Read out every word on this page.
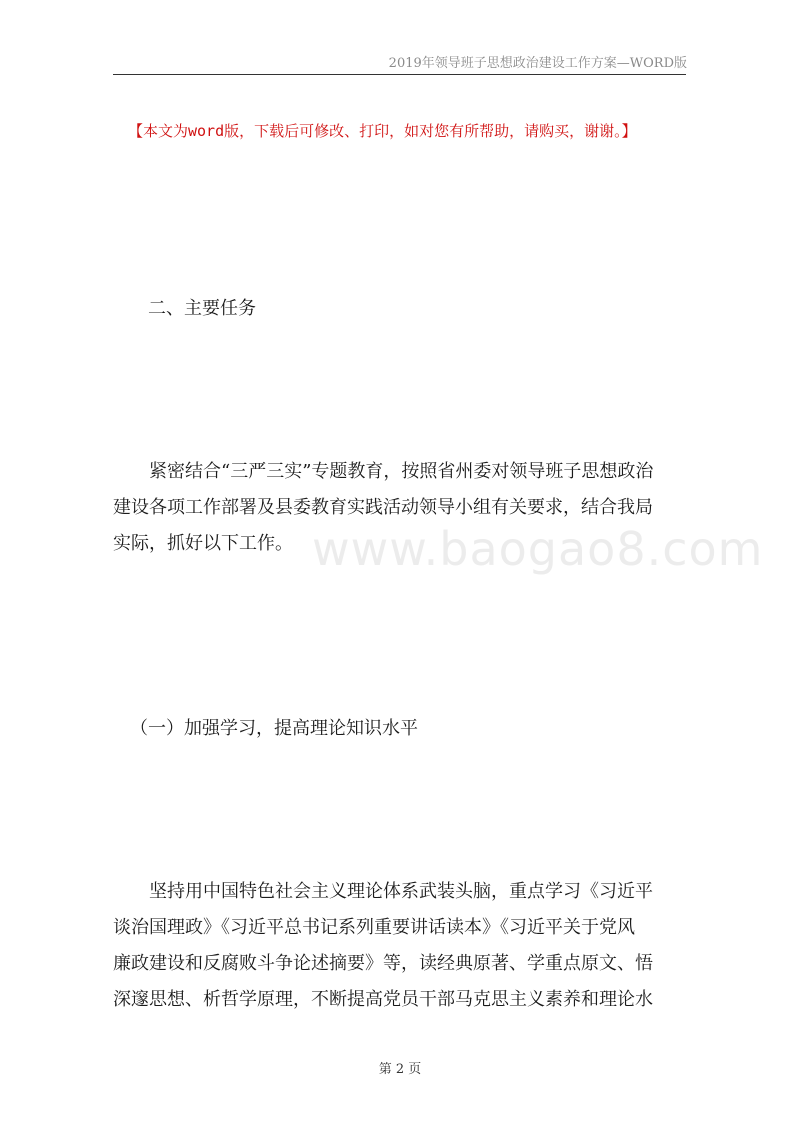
2019年领导班子思想政治建设工作方案—WORD版
【本文为word版，下载后可修改、打印，如对您有所帮助，请购买，谢谢。】
www.baogao8.com
二、主要任务
紧密结合“三严三实”专题教育，按照省州委对领导班子思想政治
建设各项工作部署及县委教育实践活动领导小组有关要求，结合我局
实际，抓好以下工作。
（一）加强学习，提高理论知识水平
坚持用中国特色社会主义理论体系武装头脑，重点学习《习近平
谈治国理政》《习近平总书记系列重要讲话读本》《习近平关于党风
廉政建设和反腐败斗争论述摘要》等，读经典原著、学重点原文、悟
深邃思想、析哲学原理，不断提高党员干部马克思主义素养和理论水
第 2 页
